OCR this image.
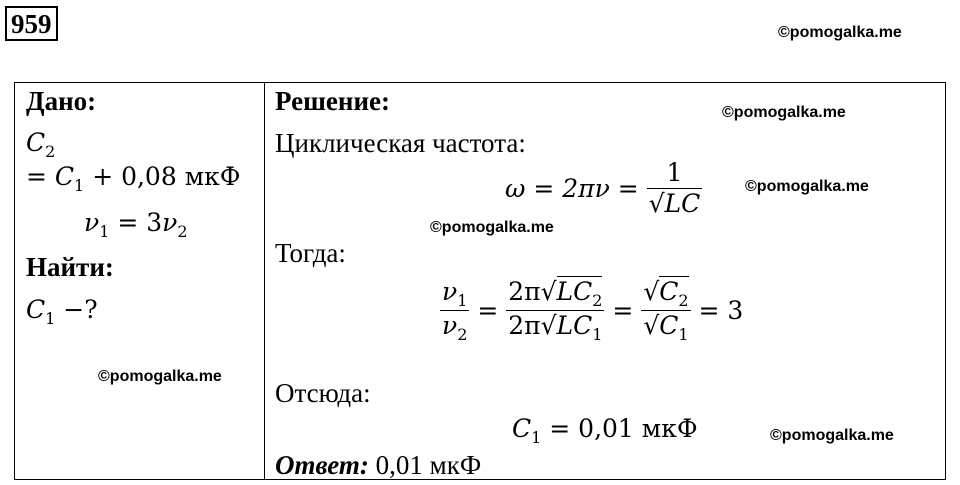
959	©pomogalka.me
Дано:
$C_2$
= $C_1 + 0,08$ мкФ
$\nu_1 = 3\nu_2$
Найти:
$C_1$ −?
©pomogalka.me
Решение:	©pomogalka.me
Циклическая частота:
ω = 2πν =
$\frac{1}{√LC}$	©pomogalka.me
©pomogalka.me
Тогда:
$\frac{\nu_1}{\nu_2}$
=
$\frac{2\pi√LC_2}{2\pi√LC_1}$
=
$\frac{√C_2}{√C_1}$
= 3
Отсюда:
$C_1 = 0,01$ мкФ	©pomogalka.me
Ответ: 0,01 мкФ
